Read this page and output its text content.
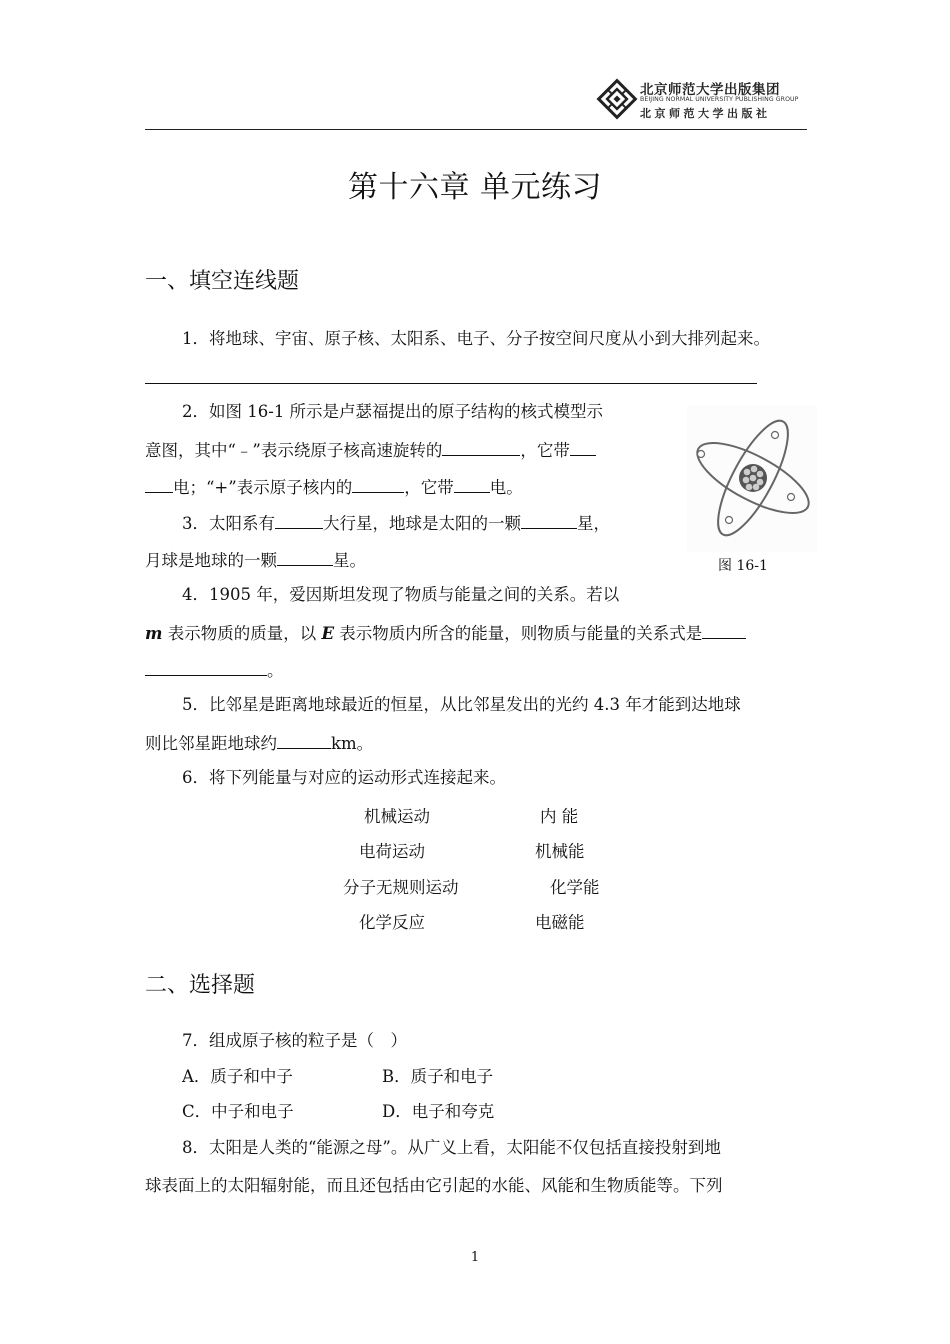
北京师范大学出版集团
BEIJING NORMAL UNIVERSITY PUBLISHING GROUP
北京师范大学出版社
第十六章 单元练习
一、填空连线题
1．将地球、宇宙、原子核、太阳系、电子、分子按空间尺度从小到大排列起来。
2．如图 16-1 所示是卢瑟福提出的原子结构的核式模型示
意图，其中“﹣”表示绕原子核高速旋转的	，它带
电；“+”表示原子核内的	，它带 电。
3．太阳系有	大行星，地球是太阳的一颗	星，
月球是地球的一颗	星。	图 16-1
4．1905 年，爱因斯坦发现了物质与能量之间的关系。若以
m 表示物质的质量，以 E 表示物质内所含的能量，则物质与能量的关系式是
。
5．比邻星是距离地球最近的恒星，从比邻星发出的光约 4.3 年才能到达地球
则比邻星距地球约	km。
6．将下列能量与对应的运动形式连接起来。
机械运动	内 能
电荷运动	机械能
分子无规则运动	化学能
化学反应	电磁能
二、选择题
7．组成原子核的粒子是（　）
A．质子和中子	B．质子和电子
C．中子和电子	D．电子和夸克
8．太阳是人类的“能源之母”。从广义上看，太阳能不仅包括直接投射到地
球表面上的太阳辐射能，而且还包括由它引起的水能、风能和生物质能等。下列
1
